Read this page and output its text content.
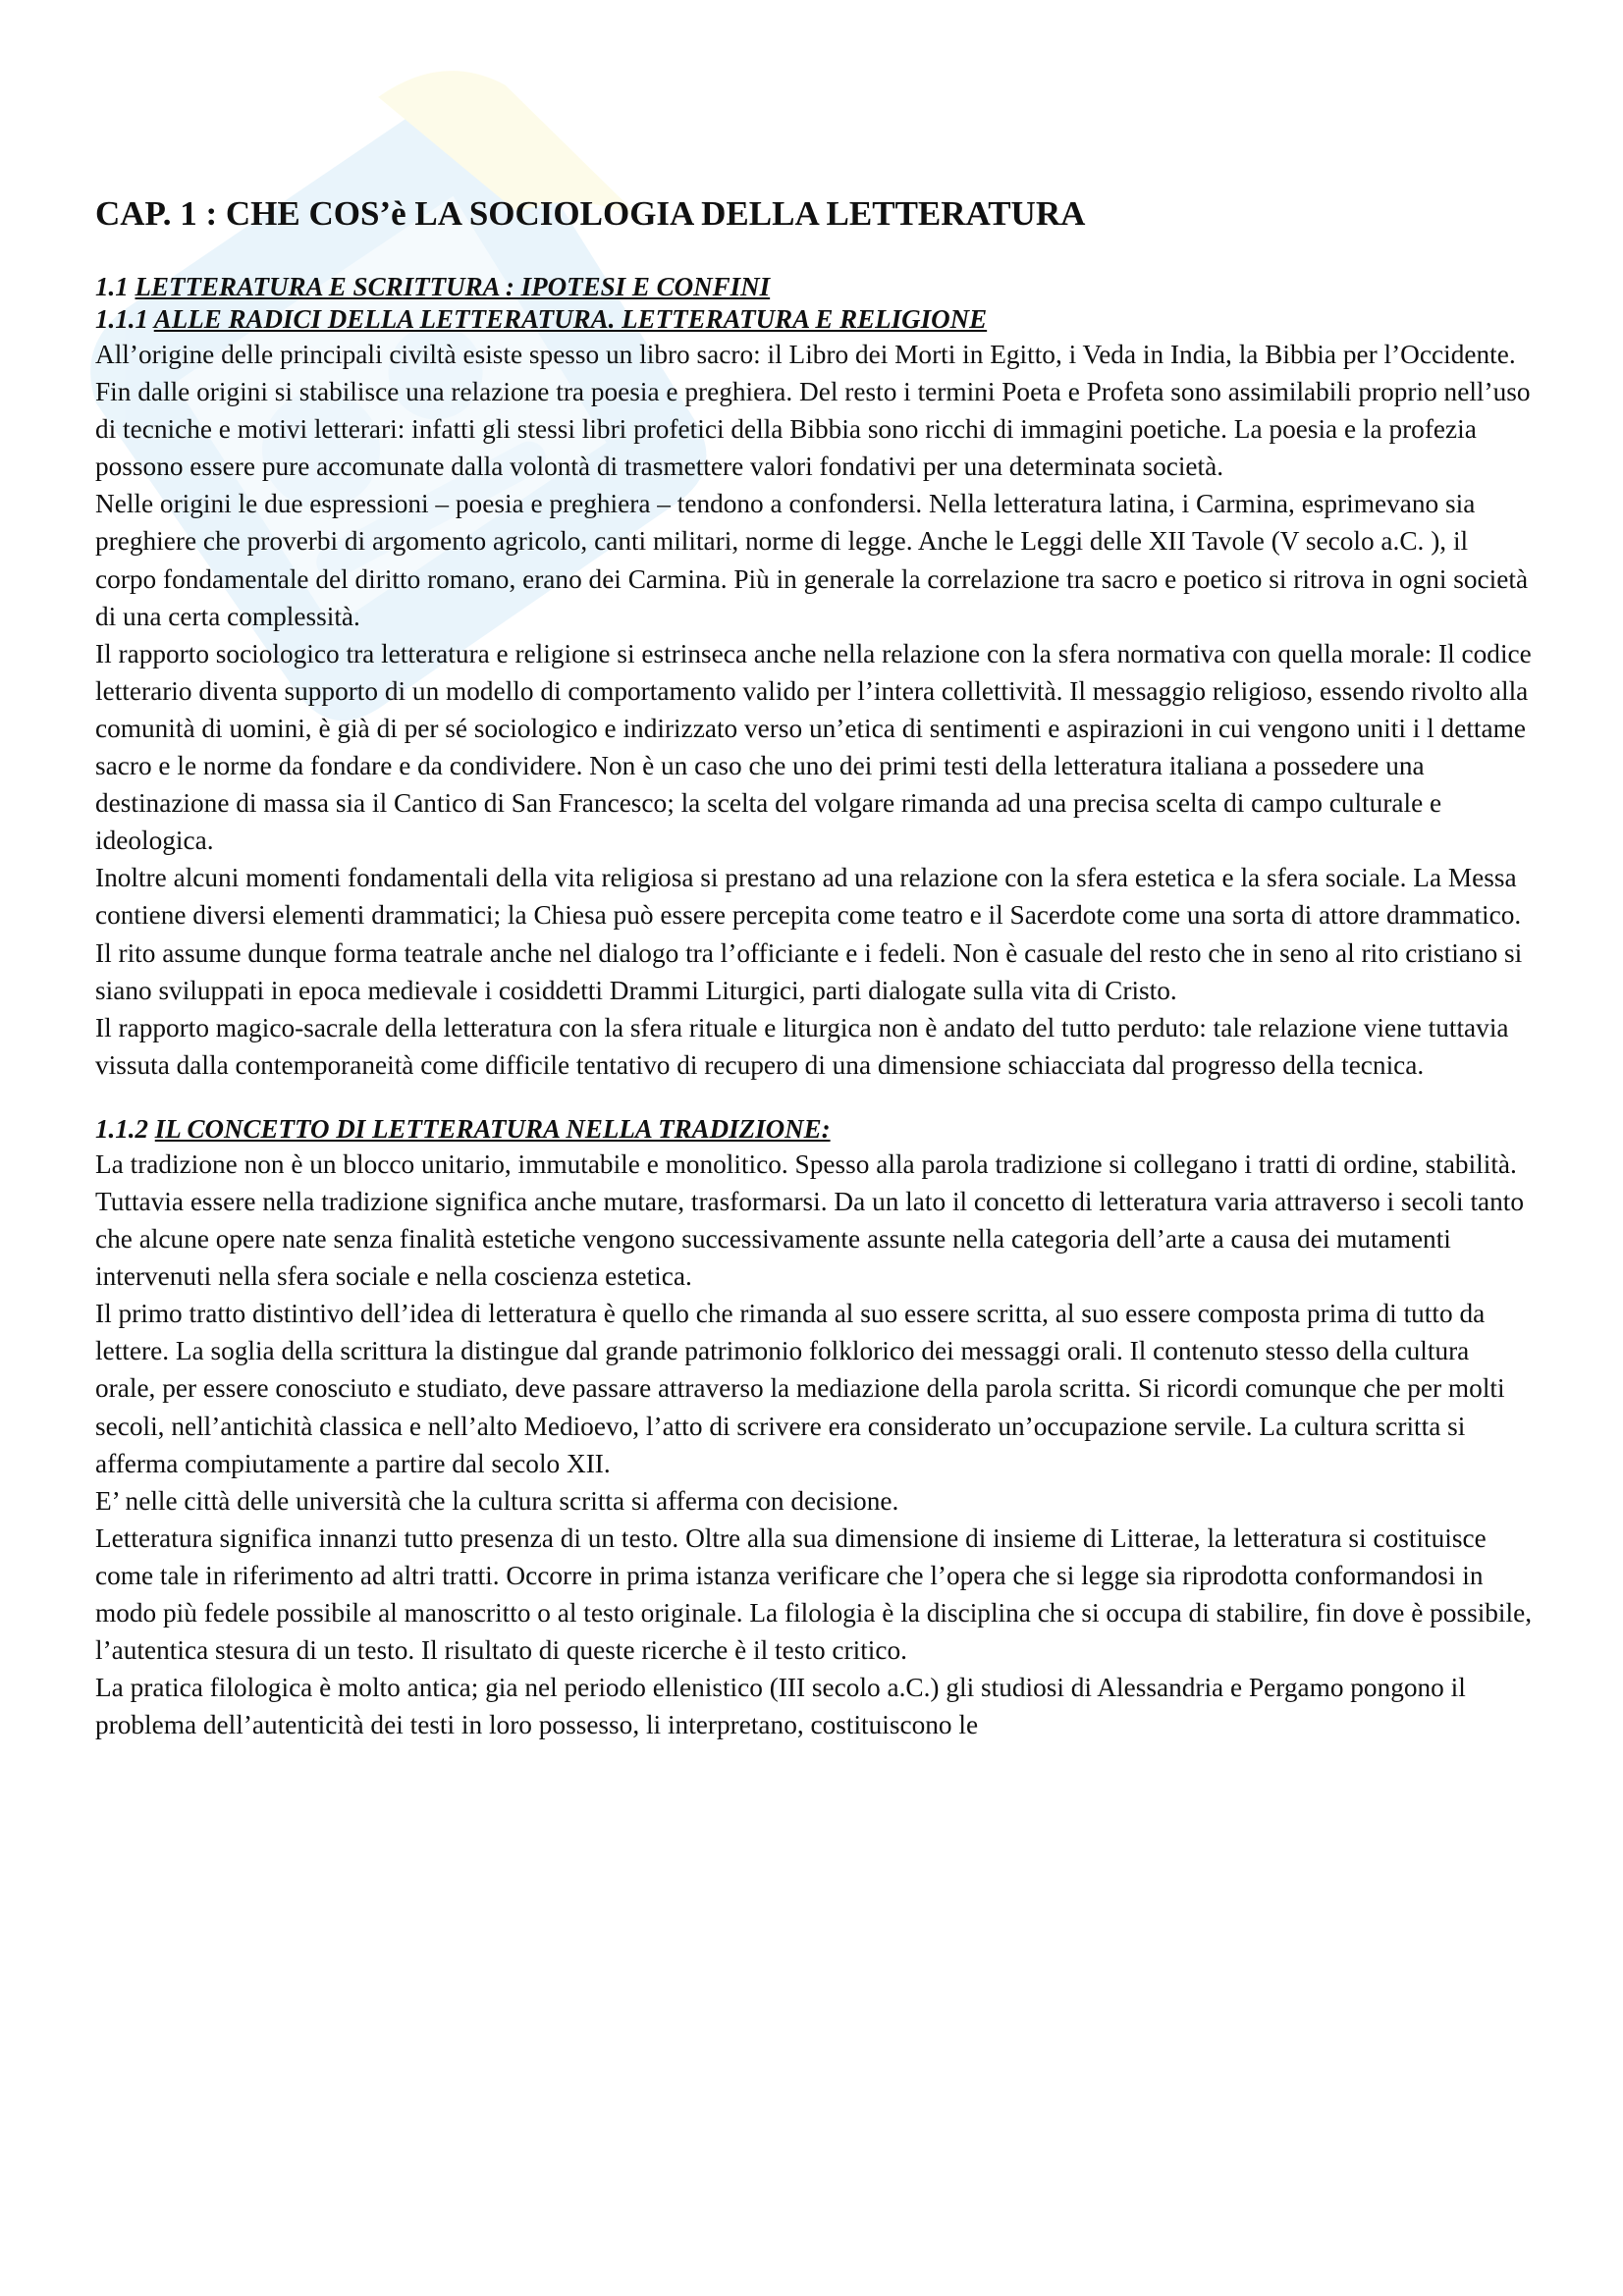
CAP. 1 : CHE COS’è LA SOCIOLOGIA DELLA LETTERATURA
1.1 LETTERATURA E SCRITTURA : IPOTESI E CONFINI
1.1.1 ALLE RADICI DELLA LETTERATURA. LETTERATURA E RELIGIONE

All’origine delle principali civiltà esiste spesso un libro sacro: il Libro dei Morti in Egitto, i Veda in India, la Bibbia per l’Occidente. Fin dalle origini si stabilisce una relazione tra poesia e preghiera. Del resto i termini Poeta e Profeta sono assimilabili proprio nell’uso di tecniche e motivi letterari: infatti gli stessi libri profetici della Bibbia sono ricchi di immagini poetiche. La poesia e la profezia possono essere pure accomunate dalla volontà di trasmettere valori fondativi per una determinata società.

Nelle origini le due espressioni – poesia e preghiera – tendono a confondersi. Nella letteratura latina, i Carmina, esprimevano sia preghiere che proverbi di argomento agricolo, canti militari, norme di legge. Anche le Leggi delle XII Tavole (V secolo a.C. ), il corpo fondamentale del diritto romano, erano dei Carmina. Più in generale la correlazione tra sacro e poetico si ritrova in ogni società di una certa complessità.

Il rapporto sociologico tra letteratura e religione si estrinseca anche nella relazione con la sfera normativa con quella morale: Il codice letterario diventa supporto di un modello di comportamento valido per l’intera collettività. Il messaggio religioso, essendo rivolto alla comunità di uomini, è già di per sé sociologico e indirizzato verso un’etica di sentimenti e aspirazioni in cui vengono uniti i l dettame sacro e le norme da fondare e da condividere. Non è un caso che uno dei primi testi della letteratura italiana a possedere una destinazione di massa sia il Cantico di San Francesco; la scelta del volgare rimanda ad una precisa scelta di campo culturale e ideologica.

Inoltre alcuni momenti fondamentali della vita religiosa si prestano ad una relazione con la sfera estetica e la sfera sociale. La Messa contiene diversi elementi drammatici; la Chiesa può essere percepita come teatro e il Sacerdote come una sorta di attore drammatico. Il rito assume dunque forma teatrale anche nel dialogo tra l’officiante e i fedeli. Non è casuale del resto che in seno al rito cristiano si siano sviluppati in epoca medievale i cosiddetti Drammi Liturgici, parti dialogate sulla vita di Cristo.

Il rapporto magico-sacrale della letteratura con la sfera rituale e liturgica non è andato del tutto perduto: tale relazione viene tuttavia vissuta dalla contemporaneità come difficile tentativo di recupero di una dimensione schiacciata dal progresso della tecnica.

1.1.2 IL CONCETTO DI LETTERATURA NELLA TRADIZIONE:

La tradizione non è un blocco unitario, immutabile e monolitico. Spesso alla parola tradizione si collegano i tratti di ordine, stabilità. Tuttavia essere nella tradizione significa anche mutare, trasformarsi. Da un lato il concetto di letteratura varia attraverso i secoli tanto che alcune opere nate senza finalità estetiche vengono successivamente assunte nella categoria dell’arte a causa dei mutamenti intervenuti nella sfera sociale e nella coscienza estetica.

Il primo tratto distintivo dell’idea di letteratura è quello che rimanda al suo essere scritta, al suo essere composta prima di tutto da lettere. La soglia della scrittura la distingue dal grande patrimonio folklorico dei messaggi orali. Il contenuto stesso della cultura orale, per essere conosciuto e studiato, deve passare attraverso la mediazione della parola scritta. Si ricordi comunque che per molti secoli, nell’antichità classica e nell’alto Medioevo, l’atto di scrivere era considerato un’occupazione servile. La cultura scritta si afferma compiutamente a partire dal secolo XII.

E’ nelle città delle università che la cultura scritta si afferma con decisione.

Letteratura significa innanzi tutto presenza di un testo. Oltre alla sua dimensione di insieme di Litterae, la letteratura si costituisce come tale in riferimento ad altri tratti. Occorre in prima istanza verificare che l’opera che si legge sia riprodotta conformandosi in modo più fedele possibile al manoscritto o al testo originale. La filologia è la disciplina che si occupa di stabilire, fin dove è possibile, l’autentica stesura di un testo. Il risultato di queste ricerche è il testo critico.

La pratica filologica è molto antica; gia nel periodo ellenistico (III secolo a.C.) gli studiosi di Alessandria e Pergamo pongono il problema dell’autenticità dei testi in loro possesso, li interpretano, costituiscono le
